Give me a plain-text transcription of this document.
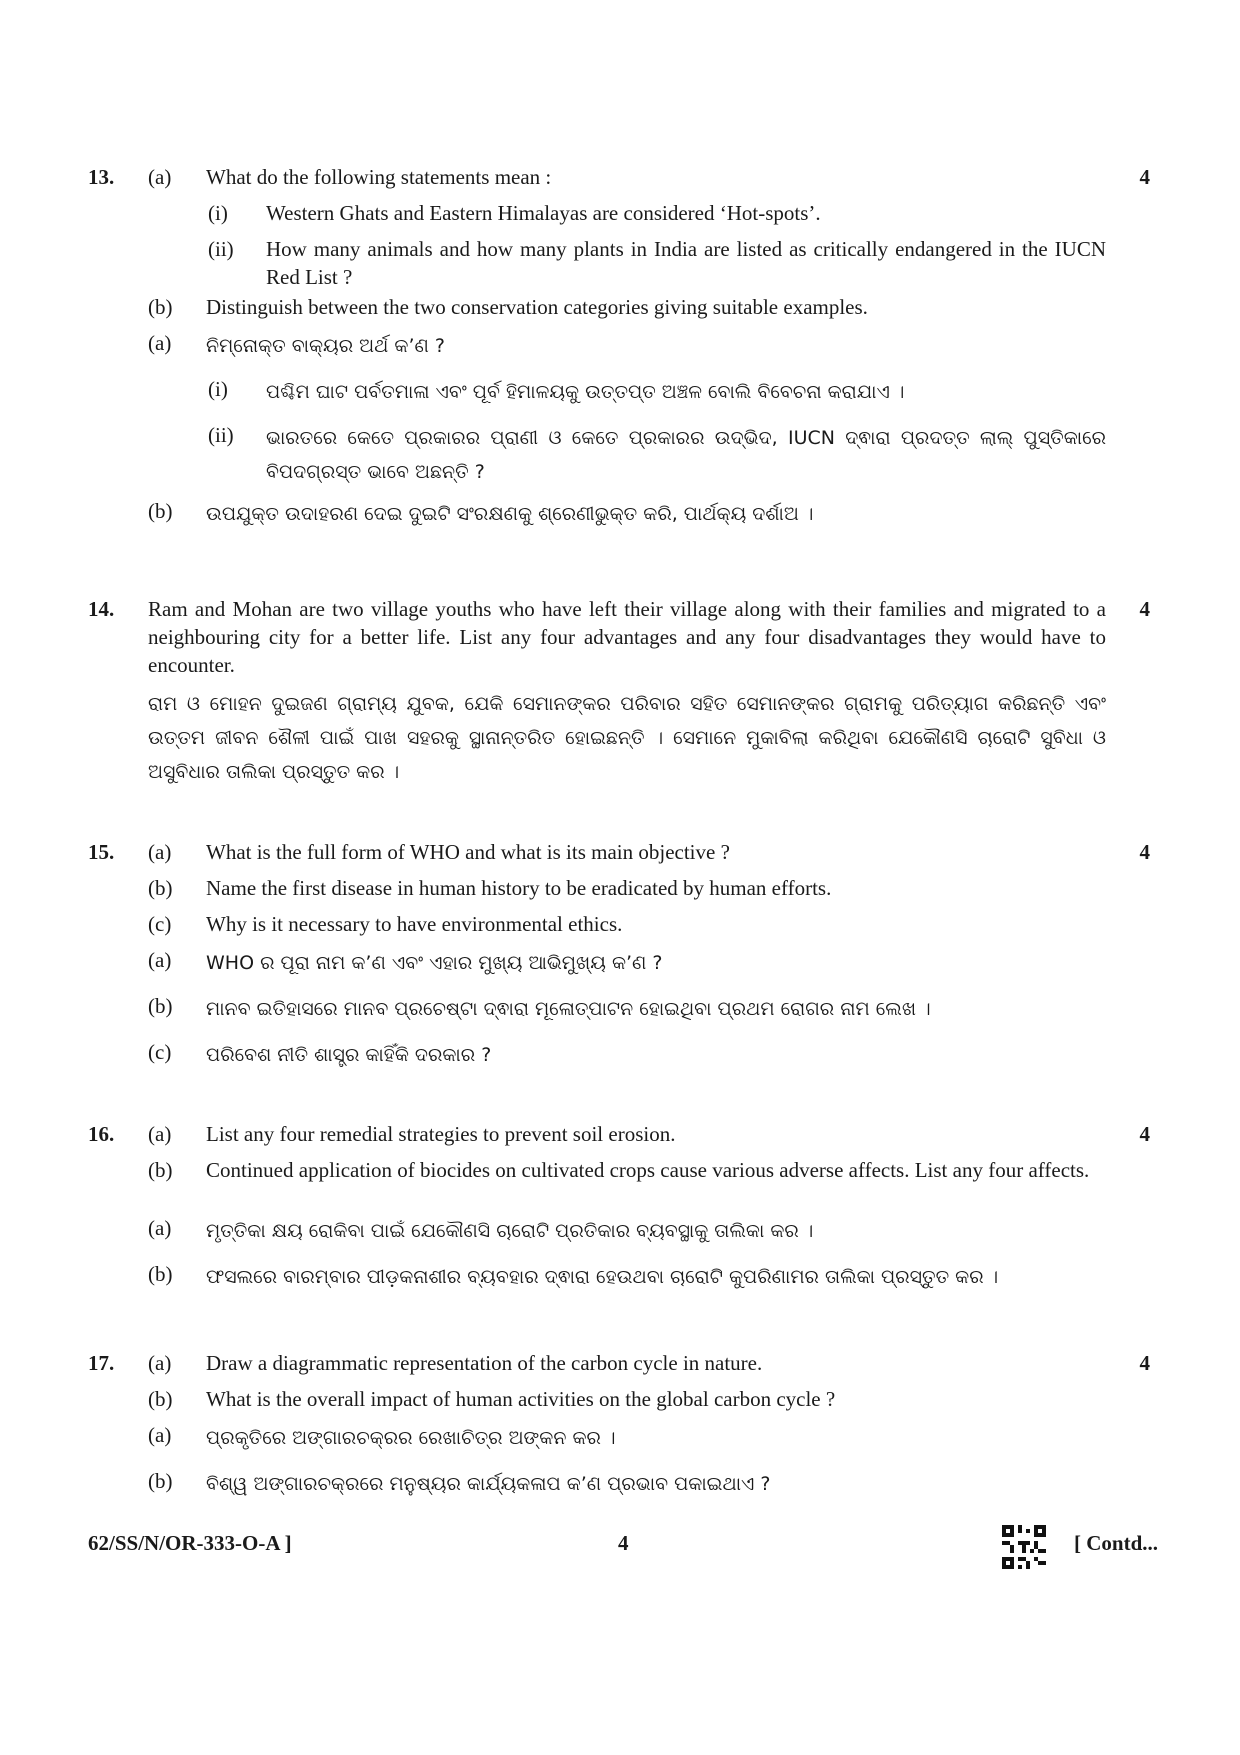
13. (a) What do the following statements mean :	4
(i) Western Ghats and Eastern Himalayas are considered ‘Hot-spots’.
(ii) How many animals and how many plants in India are listed as critically endangered in the IUCN Red List ?
(b) Distinguish between the two conservation categories giving suitable examples.
(a) ନିମ୍ନୋକ୍ତ ବାକ୍ୟର ଅର୍ଥ କ’ଣ ?
(i) ପଶ୍ଚିମ ଘାଟ ପର୍ବତମାଳା ଏବଂ ପୂର୍ବ ହିମାଳୟକୁ ଉତ୍ତପ୍ତ ଅଞ୍ଚଳ ବୋଲି ବିବେଚନା କରାଯାଏ ।
(ii) ଭାରତରେ କେତେ ପ୍ରକାରର ପ୍ରାଣୀ ଓ କେତେ ପ୍ରକାରର ଉଦ୍ଭିଦ, IUCN ଦ୍ଵାରା ପ୍ରଦତ୍ତ ଲାଲ୍ ପୁସ୍ତିକାରେ ବିପଦଗ୍ରସ୍ତ ଭାବେ ଅଛନ୍ତି ?
(b) ଉପଯୁକ୍ତ ଉଦାହରଣ ଦେଇ ଦୁଇଟି ସଂରକ୍ଷଣକୁ ଶ୍ରେଣୀଭୁକ୍ତ କରି, ପାର୍ଥକ୍ୟ ଦର୍ଶାଅ ।
14.	4
Ram and Mohan are two village youths who have left their village along with their families and migrated to a neighbouring city for a better life. List any four advantages and any four disadvantages they would have to encounter.
ରାମ ଓ ମୋହନ ଦୁଇଜଣ ଗ୍ରାମ୍ୟ ଯୁବକ, ଯେକି ସେମାନଙ୍କର ପରିବାର ସହିତ ସେମାନଙ୍କର ଗ୍ରାମକୁ ପରିତ୍ୟାଗ କରିଛନ୍ତି ଏବଂ ଉତ୍ତମ ଜୀବନ ଶୈଳୀ ପାଇଁ ପାଖ ସହରକୁ ସ୍ଥାନାନ୍ତରିତ ହୋଇଛନ୍ତି । ସେମାନେ ମୁକାବିଲା କରିଥିବା ଯେକୌଣସି ଚାରୋଟି ସୁବିଧା ଓ ଅସୁବିଧାର ତାଲିକା ପ୍ରସ୍ତୁତ କର ।
15. (a) What is the full form of WHO and what is its main objective ?	4
(b) Name the first disease in human history to be eradicated by human efforts.
(c) Why is it necessary to have environmental ethics.
(a) WHO ର ପୂରା ନାମ କ’ଣ ଏବଂ ଏହାର ମୁଖ୍ୟ ଆଭିମୁଖ୍ୟ କ’ଣ ?
(b) ମାନବ ଇତିହାସରେ ମାନବ ପ୍ରଚେଷ୍ଟା ଦ୍ଵାରା ମୂଳୋତ୍ପାଟନ ହୋଇଥିବା ପ୍ରଥମ ରୋଗର ନାମ ଲେଖ ।
(c) ପରିବେଶ ନୀତି ଶାସ୍ତ୍ର କାହିଁକି ଦରକାର ?
16. (a) List any four remedial strategies to prevent soil erosion.	4
(b) Continued application of biocides on cultivated crops cause various adverse affects. List any four affects.
(a) ମୃତ୍ତିକା କ୍ଷୟ ରୋକିବା ପାଇଁ ଯେକୌଣସି ଚାରୋଟି ପ୍ରତିକାର ବ୍ୟବସ୍ଥାକୁ ତାଲିକା କର ।
(b) ଫସଲରେ ବାରମ୍ବାର ପୀଡ଼କନାଶୀର ବ୍ୟବହାର ଦ୍ଵାରା ହେଉଥବା ଚାରୋଟି କୁପରିଣାମର ତାଲିକା ପ୍ରସ୍ତୁତ କର ।
17. (a) Draw a diagrammatic representation of the carbon cycle in nature.	4
(b) What is the overall impact of human activities on the global carbon cycle ?
(a) ପ୍ରକୃତିରେ ଅଙ୍ଗାରଚକ୍ରର ରେଖାଚିତ୍ର ଅଙ୍କନ କର ।
(b) ବିଶ୍ୱ ଅଙ୍ଗାରଚକ୍ରରେ ମନୁଷ୍ୟର କାର୍ଯ୍ୟକଳାପ କ’ଣ ପ୍ରଭାବ ପକାଇଥାଏ ?
62/SS/N/OR-333-O-A ]	4	[ Contd...
